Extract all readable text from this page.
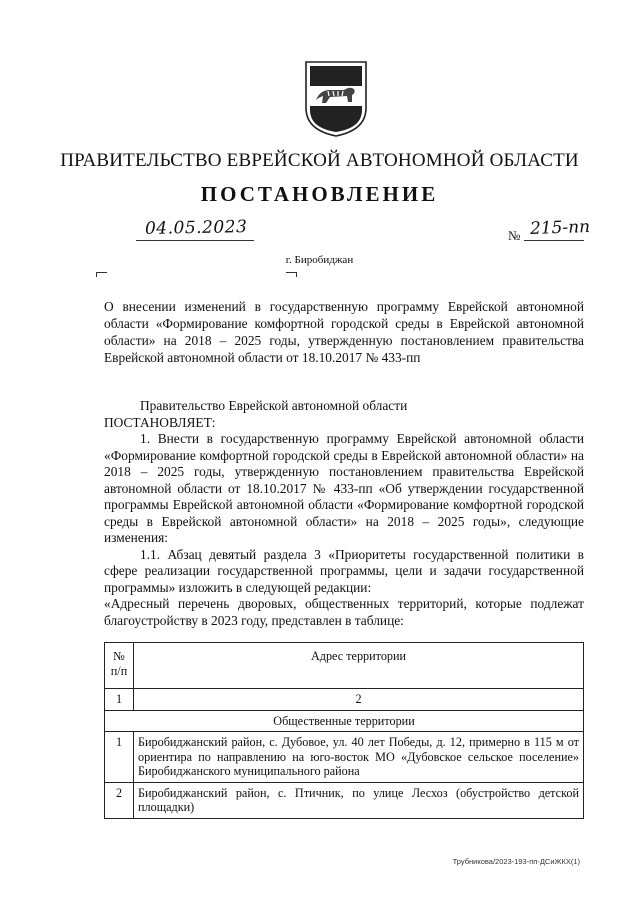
ПРАВИТЕЛЬСТВО ЕВРЕЙСКОЙ АВТОНОМНОЙ ОБЛАСТИ
ПОСТАНОВЛЕНИЕ
04.05.2023	№ 215-пп
г. Биробиджан
О внесении изменений в государственную программу Еврейской автономной области «Формирование комфортной городской среды в Еврейской автономной области» на 2018 – 2025 годы, утвержденную постановлением правительства Еврейской автономной области от 18.10.2017 № 433-пп

Правительство Еврейской автономной области

ПОСТАНОВЛЯЕТ:

1. Внести в государственную программу Еврейской автономной области «Формирование комфортной городской среды в Еврейской автономной области» на 2018 – 2025 годы, утвержденную постановлением правительства Еврейской автономной области от 18.10.2017 № 433-пп «Об утверждении государственной программы Еврейской автономной области «Формирование комфортной городской среды в Еврейской автономной области» на 2018 – 2025 годы», следующие изменения:

1.1. Абзац девятый раздела 3 «Приоритеты государственной политики в сфере реализации государственной программы, цели и задачи государственной программы» изложить в следующей редакции:

«Адресный перечень дворовых, общественных территорий, которые подлежат благоустройству в 2023 году, представлен в таблице:

№ п/п	Адрес территории
1	2
Общественные территории	
1	Биробиджанский район, с. Дубовое, ул. 40 лет Победы, д. 12, примерно в 115 м от ориентира по направлению на юго-восток МО «Дубовское сельское поселение» Биробиджанского муниципального района
2	Биробиджанский район, с. Птичник, по улице Лесхоз (обустройство детской площадки)
Трубникова/2023-193-пп-ДСиЖКХ(1)
